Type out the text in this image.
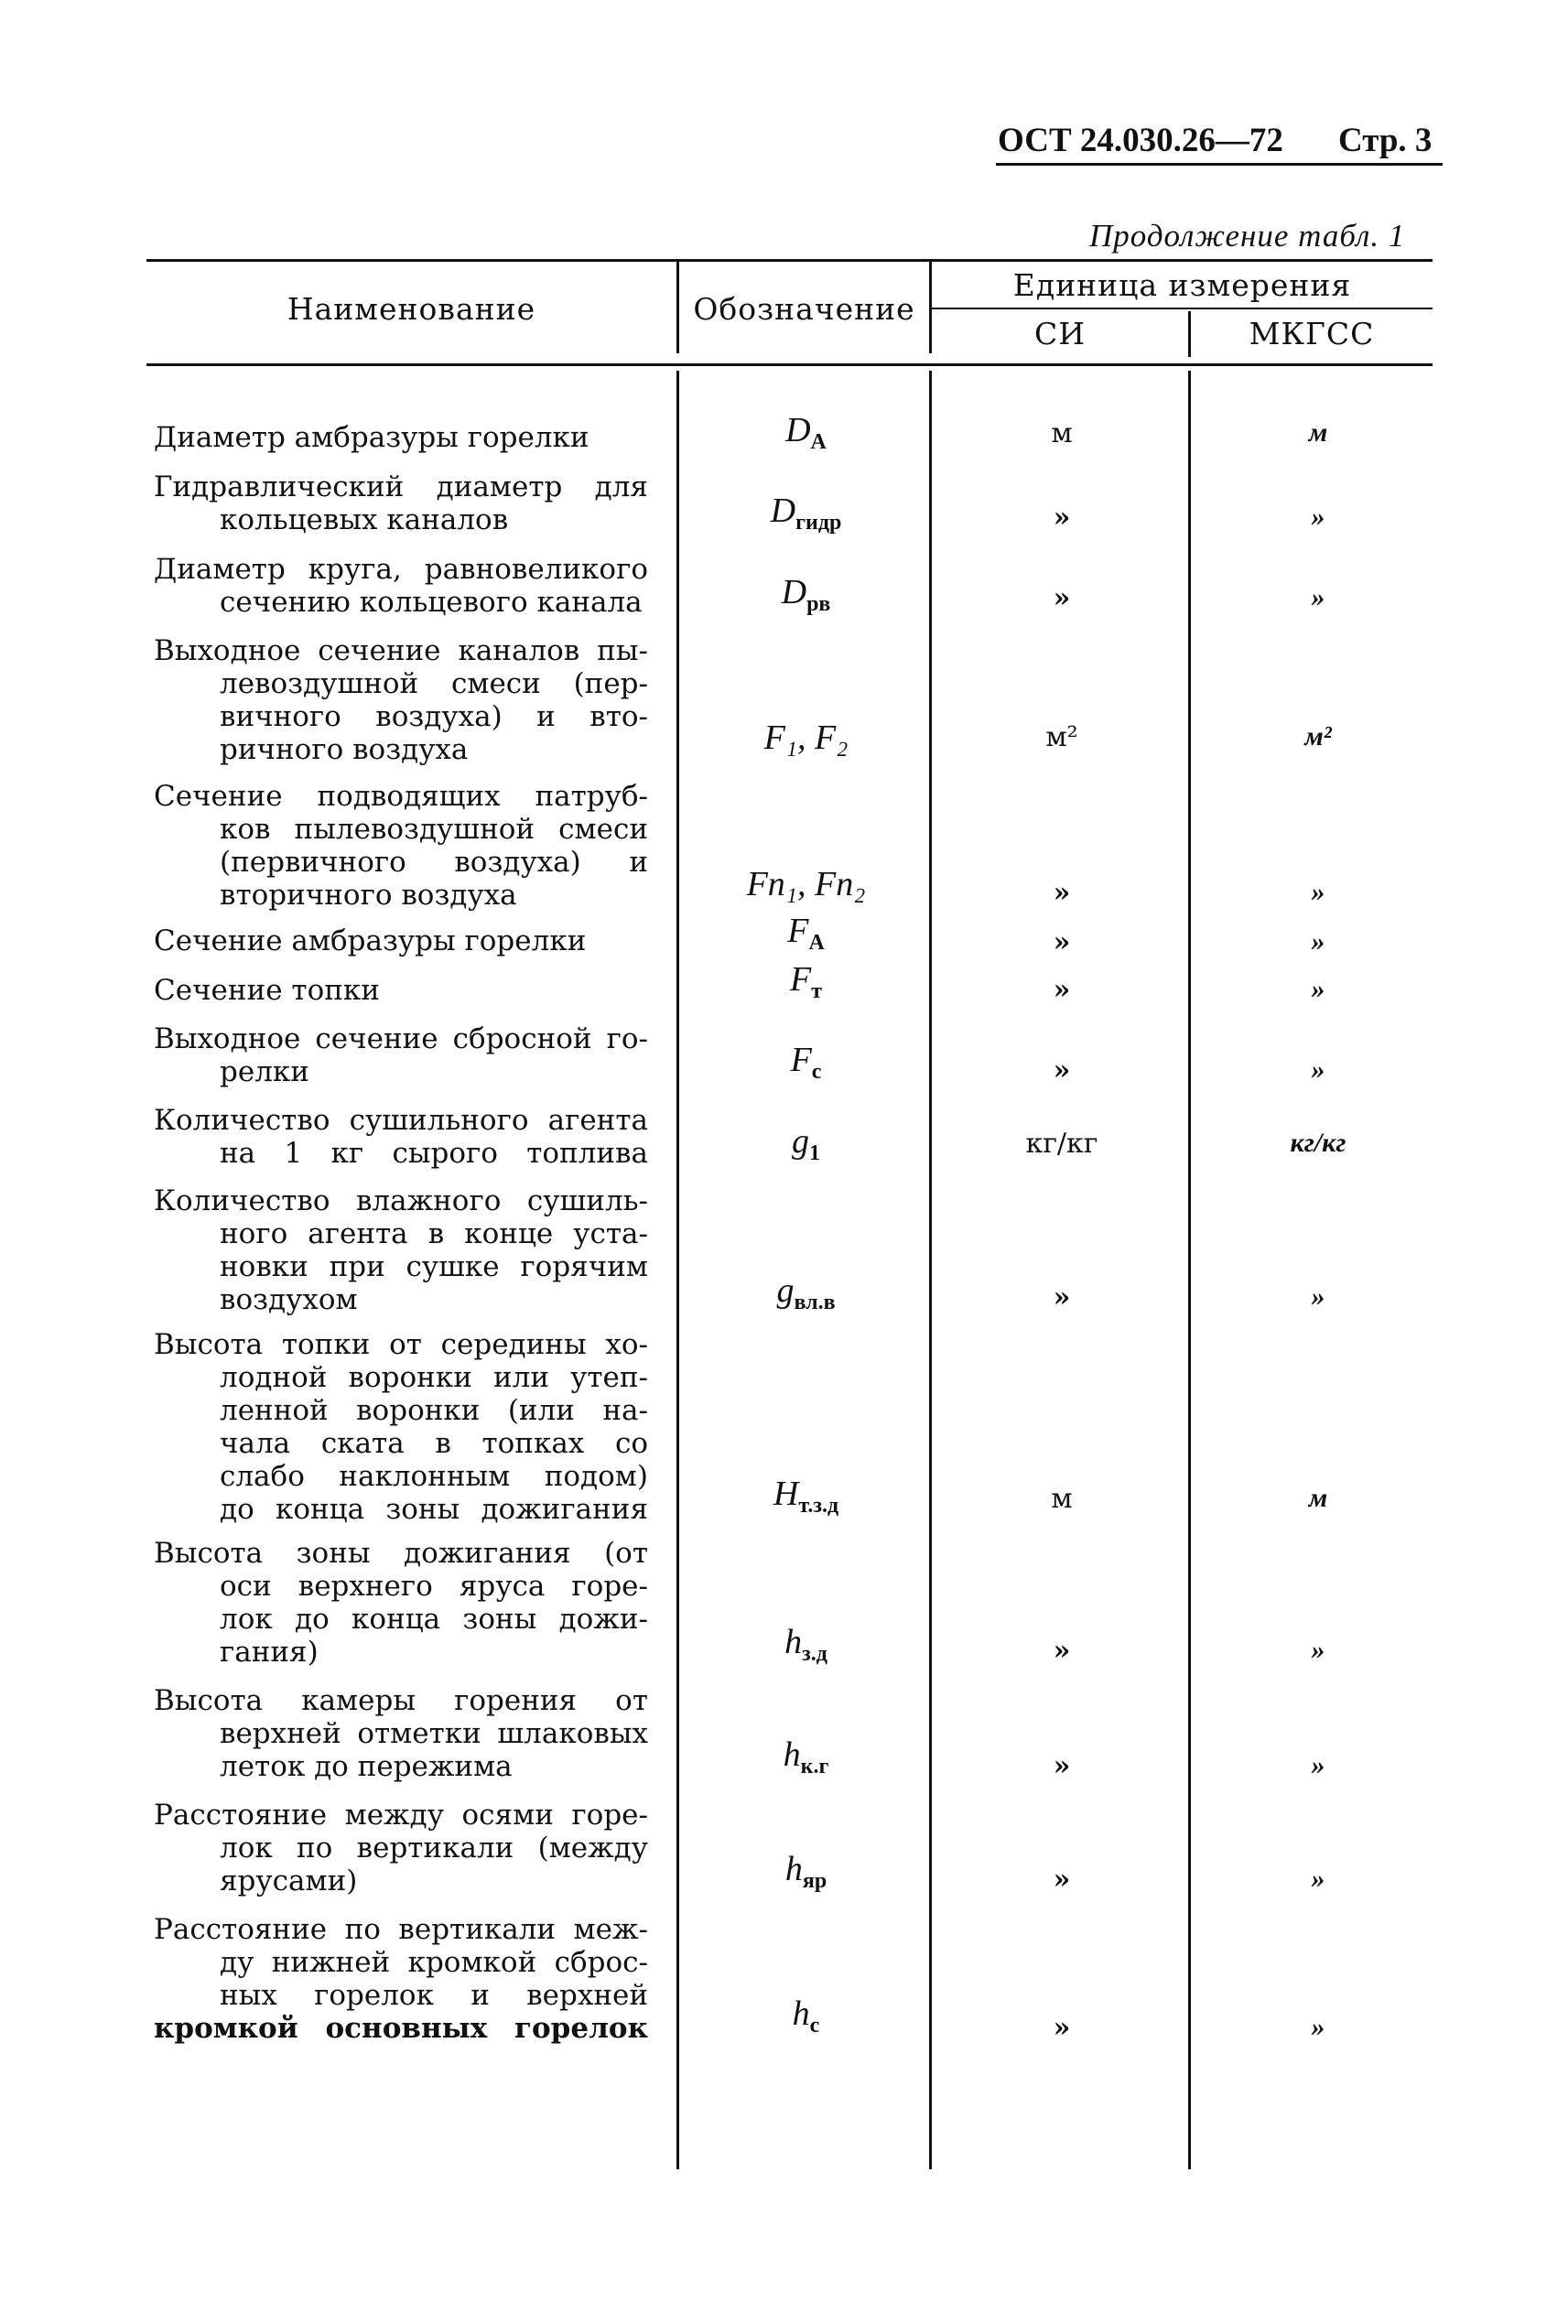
ОСТ 24.030.26—72 Стр. 3
Продолжение табл. 1
Наименование	Обозначение
Единица измерения
СИ	МКГСС
Диаметр амбразуры горелки	$D_А$	м	м
Гидравлический диаметр для
кольцевых каналов	$D_{гидр}$	»	»
Диаметр круга, равновеликого
сечению кольцевого канала	$D_{рв}$	»	»
Выходное сечение каналов пы-
левоздушной смеси (пер-
вичного воздуха) и вто-
ричного воздуха	F₁, F₂	м²	м²
Сечение подводящих патруб-
ков пылевоздушной смеси
(первичного воздуха) и
вторичного воздуха	Fп₁, Fп₂	»	»
Сечение амбразуры горелки	$F_А$	»	»
Сечение топки	$F_т$	»	»
Выходное сечение сбросной го-
релки	$F_с$	»	»
Количество сушильного агента
на 1 кг сырого топлива	$g_1$	кг/кг	кг/кг
Количество влажного сушиль-
ного агента в конце уста-
новки при сушке горячим
воздухом	$g_{вл.в}$	»	»
Высота топки от середины хо-
лодной воронки или утеп-
ленной воронки (или на-
чала ската в топках со
слабо наклонным подом)
до конца зоны дожигания	$H_{т.з.д}$	м	м
Высота зоны дожигания (от
оси верхнего яруса горе-
лок до конца зоны дожи-
гания)	$h_{з.д}$	»	»
Высота камеры горения от
верхней отметки шлаковых
леток до пережима	$h_{к.г}$	»	»
Расстояние между осями горе-
лок по вертикали (между
ярусами)	$h_{яр}$	»	»
Расстояние по вертикали меж-
ду нижней кромкой сброс-
ных горелок и верхней
кромкой основных горелок	$h_с$	»	»
